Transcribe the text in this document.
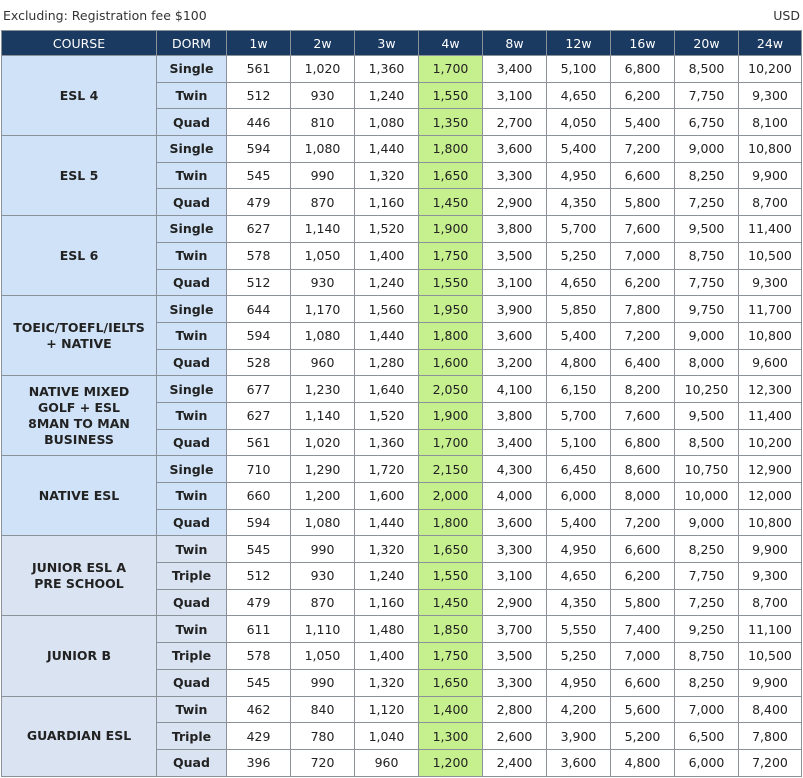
Excluding: Registration fee $100	USD
COURSE	DORM	1w	2w	3w	4w	8w	12w	16w	20w	24w
ESL 4	Single	561	1,020	1,360	1,700	3,400	5,100	6,800	8,500	10,200
	Twin	512	930	1,240	1,550	3,100	4,650	6,200	7,750	9,300
	Quad	446	810	1,080	1,350	2,700	4,050	5,400	6,750	8,100
ESL 5	Single	594	1,080	1,440	1,800	3,600	5,400	7,200	9,000	10,800
	Twin	545	990	1,320	1,650	3,300	4,950	6,600	8,250	9,900
	Quad	479	870	1,160	1,450	2,900	4,350	5,800	7,250	8,700
ESL 6	Single	627	1,140	1,520	1,900	3,800	5,700	7,600	9,500	11,400
	Twin	578	1,050	1,400	1,750	3,500	5,250	7,000	8,750	10,500
	Quad	512	930	1,240	1,550	3,100	4,650	6,200	7,750	9,300
TOEIC/TOEFL/IELTS
+ NATIVE	Single	644	1,170	1,560	1,950	3,900	5,850	7,800	9,750	11,700
	Twin	594	1,080	1,440	1,800	3,600	5,400	7,200	9,000	10,800
	Quad	528	960	1,280	1,600	3,200	4,800	6,400	8,000	9,600
NATIVE MIXED
GOLF + ESL
8MAN TO MAN
BUSINESS	Single	677	1,230	1,640	2,050	4,100	6,150	8,200	10,250	12,300
	Twin	627	1,140	1,520	1,900	3,800	5,700	7,600	9,500	11,400
	Quad	561	1,020	1,360	1,700	3,400	5,100	6,800	8,500	10,200
NATIVE ESL	Single	710	1,290	1,720	2,150	4,300	6,450	8,600	10,750	12,900
	Twin	660	1,200	1,600	2,000	4,000	6,000	8,000	10,000	12,000
	Quad	594	1,080	1,440	1,800	3,600	5,400	7,200	9,000	10,800
JUNIOR ESL A
PRE SCHOOL	Twin	545	990	1,320	1,650	3,300	4,950	6,600	8,250	9,900
	Triple	512	930	1,240	1,550	3,100	4,650	6,200	7,750	9,300
	Quad	479	870	1,160	1,450	2,900	4,350	5,800	7,250	8,700
JUNIOR B	Twin	611	1,110	1,480	1,850	3,700	5,550	7,400	9,250	11,100
	Triple	578	1,050	1,400	1,750	3,500	5,250	7,000	8,750	10,500
	Quad	545	990	1,320	1,650	3,300	4,950	6,600	8,250	9,900
GUARDIAN ESL	Twin	462	840	1,120	1,400	2,800	4,200	5,600	7,000	8,400
	Triple	429	780	1,040	1,300	2,600	3,900	5,200	6,500	7,800
	Quad	396	720	960	1,200	2,400	3,600	4,800	6,000	7,200
